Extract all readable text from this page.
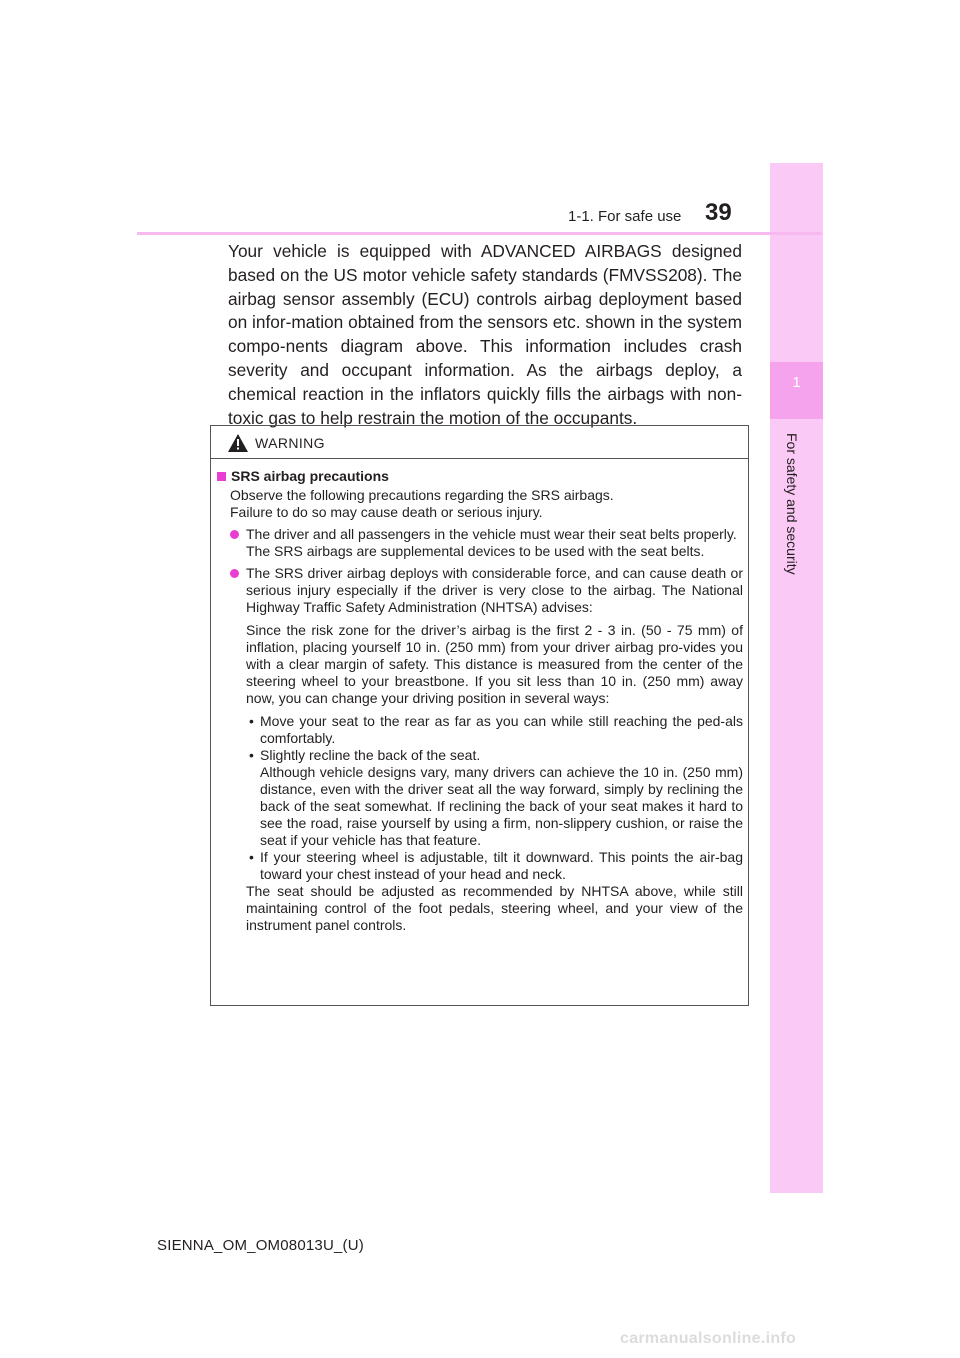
1
For safety and security
1-1. For safe use 39

Your vehicle is equipped with ADVANCED AIRBAGS designed based on the US motor vehicle safety standards (FMVSS208). The airbag sensor assembly (ECU) controls airbag deployment based on infor-mation obtained from the sensors etc. shown in the system compo-nents diagram above. This information includes crash severity and occupant information. As the airbags deploy, a chemical reaction in the inflators quickly fills the airbags with non-toxic gas to help restrain the motion of the occupants.

WARNING

SRS airbag precautions

Observe the following precautions regarding the SRS airbags.
Failure to do so may cause death or serious injury.

The driver and all passengers in the vehicle must wear their seat belts properly.

The SRS airbags are supplemental devices to be used with the seat belts.

The SRS driver airbag deploys with considerable force, and can cause death or serious injury especially if the driver is very close to the airbag. The National Highway Traffic Safety Administration (NHTSA) advises:

Since the risk zone for the driver’s airbag is the first 2 - 3 in. (50 - 75 mm) of inflation, placing yourself 10 in. (250 mm) from your driver airbag pro-vides you with a clear margin of safety. This distance is measured from the center of the steering wheel to your breastbone. If you sit less than 10 in. (250 mm) away now, you can change your driving position in several ways:

• Move your seat to the rear as far as you can while still reaching the ped-als comfortably.

• Slightly recline the back of the seat.

Although vehicle designs vary, many drivers can achieve the 10 in. (250 mm) distance, even with the driver seat all the way forward, simply by reclining the back of the seat somewhat. If reclining the back of your seat makes it hard to see the road, raise yourself by using a firm, non-slippery cushion, or raise the seat if your vehicle has that feature.

• If your steering wheel is adjustable, tilt it downward. This points the air-bag toward your chest instead of your head and neck.

The seat should be adjusted as recommended by NHTSA above, while still maintaining control of the foot pedals, steering wheel, and your view of the instrument panel controls.

SIENNA_OM_OM08013U_(U)
carmanualsonline.info
